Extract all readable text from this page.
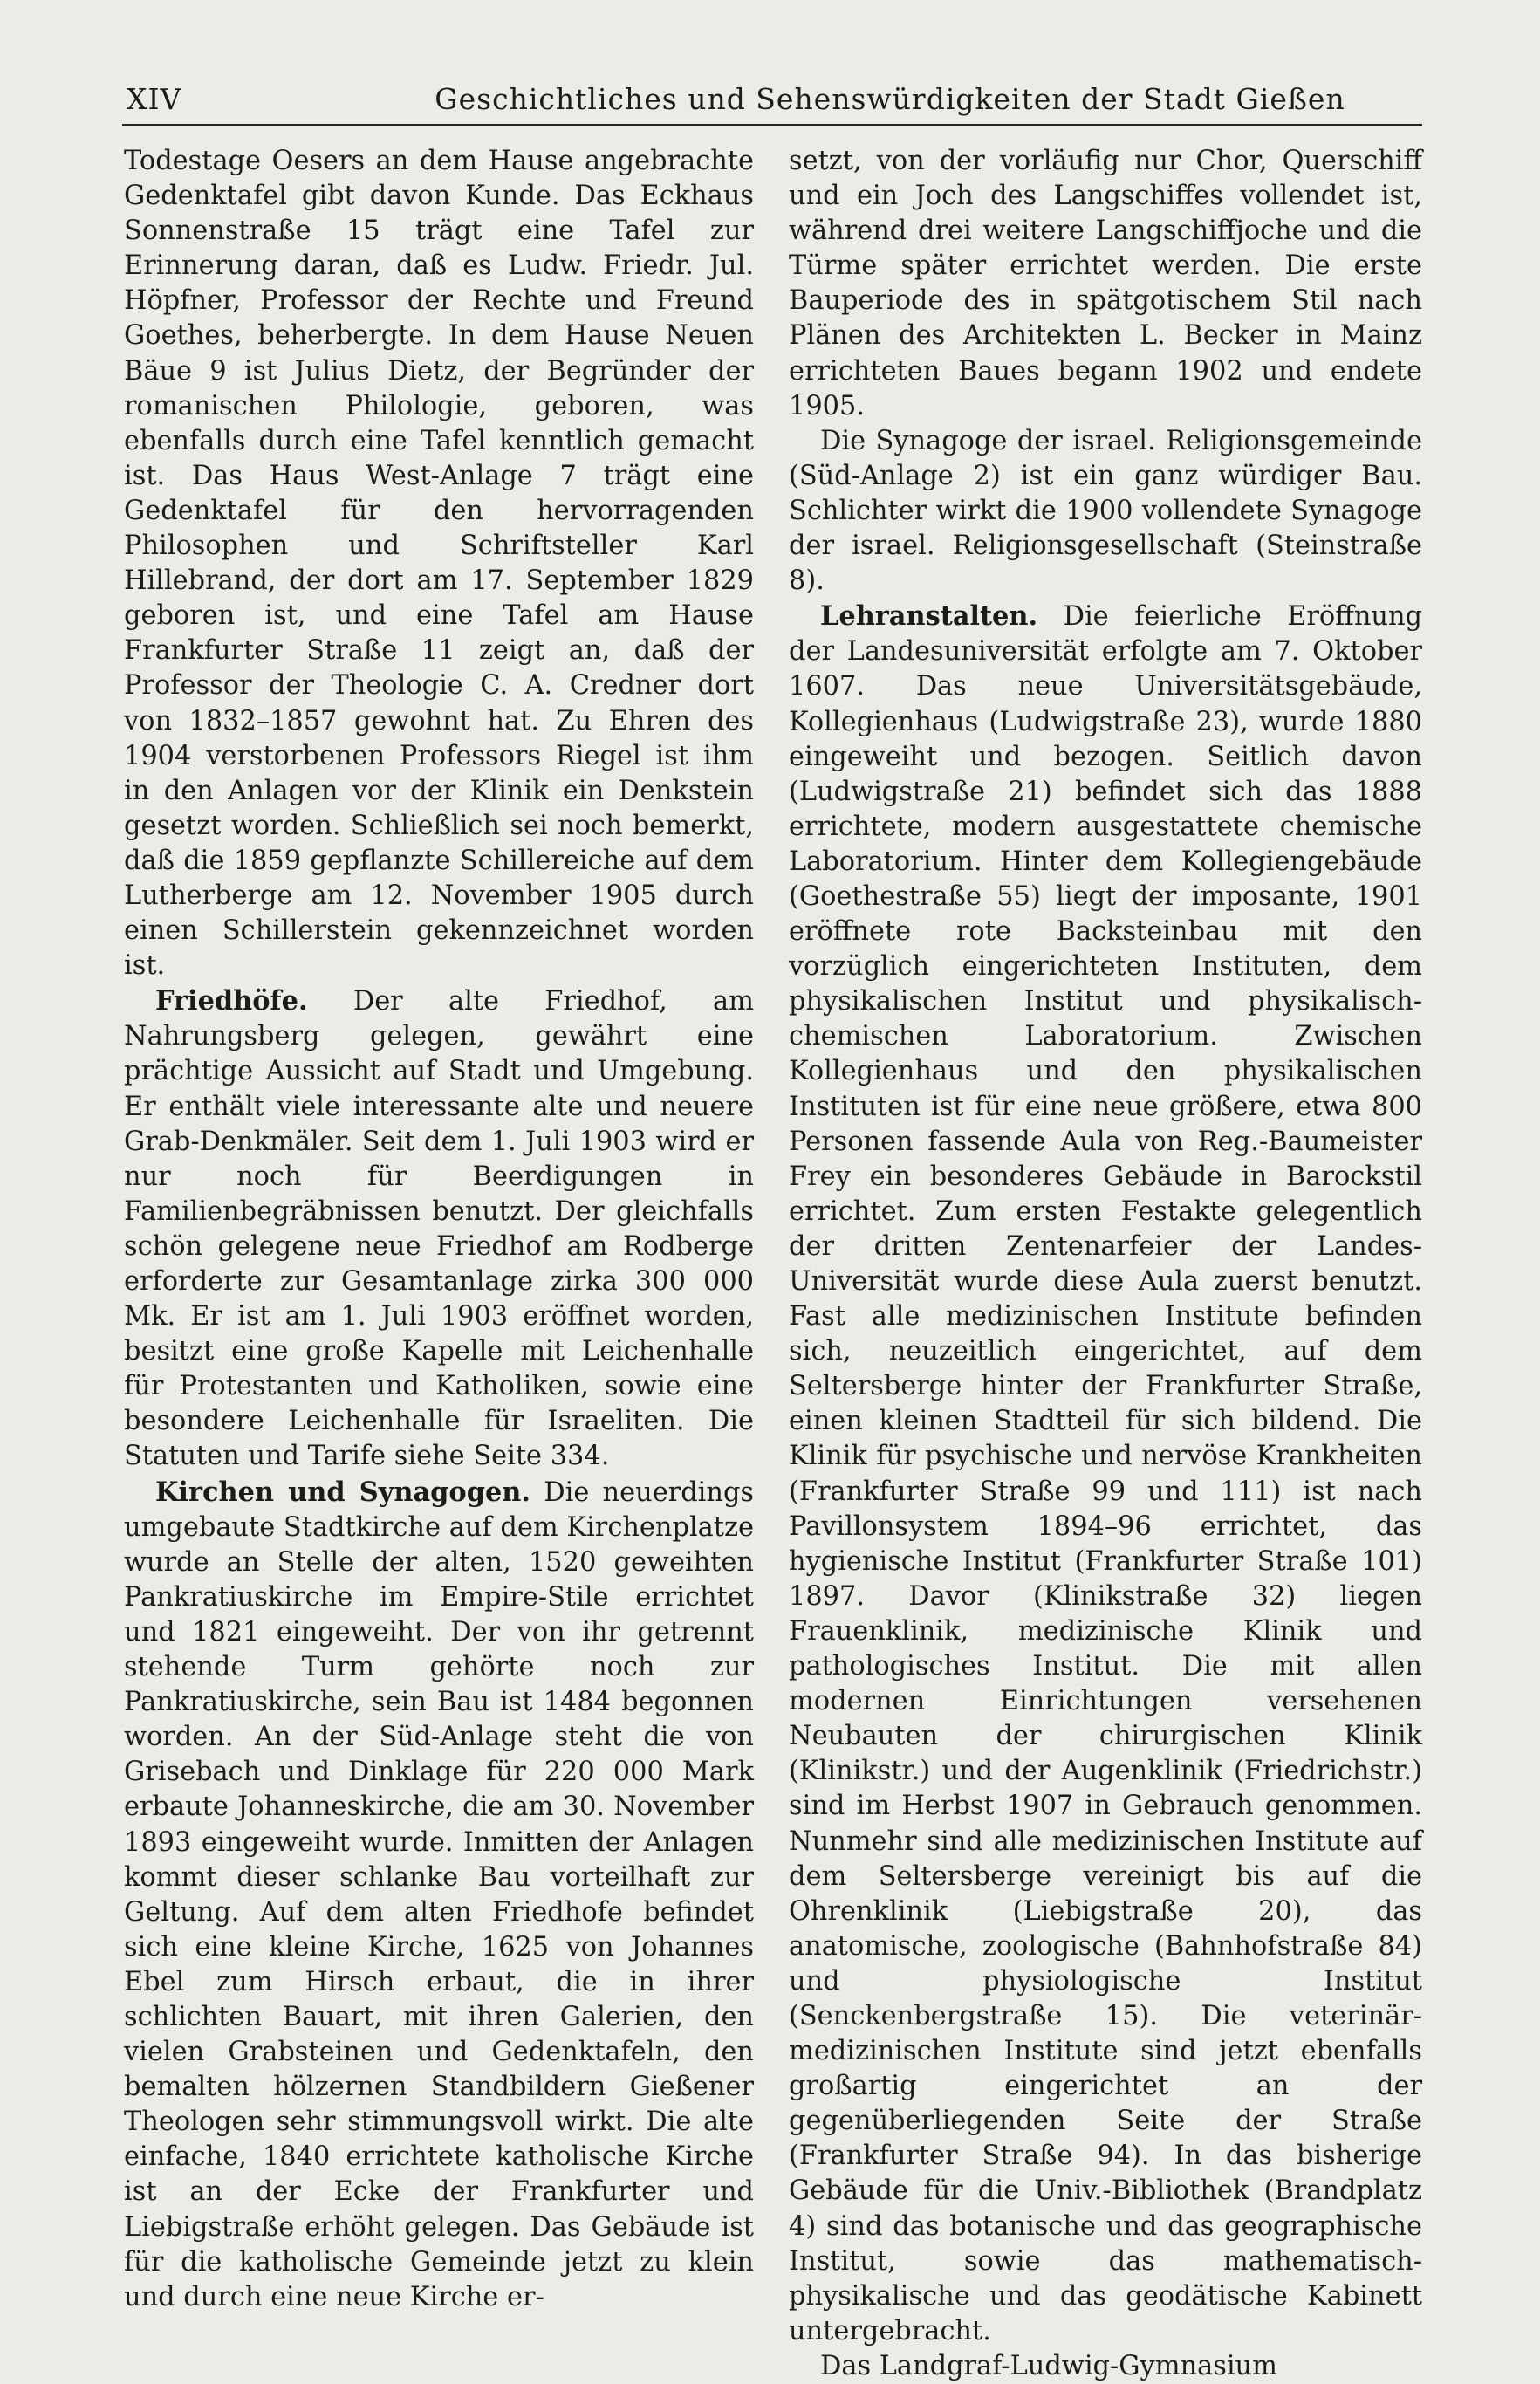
XIV	Geschichtliches und Sehenswürdigkeiten der Stadt Gießen

Todestage Oesers an dem Hause angebrachte Gedenktafel gibt davon Kunde. Das Eckhaus Sonnenstraße 15 trägt eine Tafel zur Erinnerung daran, daß es Ludw. Friedr. Jul. Höpfner, Professor der Rechte und Freund Goethes, beherbergte. In dem Hause Neuen Bäue 9 ist Julius Dietz, der Begründer der romanischen Philologie, geboren, was ebenfalls durch eine Tafel kenntlich gemacht ist. Das Haus West-Anlage 7 trägt eine Gedenktafel für den hervorragenden Philosophen und Schriftsteller Karl Hillebrand, der dort am 17. September 1829 geboren ist, und eine Tafel am Hause Frankfurter Straße 11 zeigt an, daß der Professor der Theologie C. A. Credner dort von 1832–1857 gewohnt hat. Zu Ehren des 1904 verstorbenen Professors Riegel ist ihm in den Anlagen vor der Klinik ein Denkstein gesetzt worden. Schließlich sei noch bemerkt, daß die 1859 gepflanzte Schillereiche auf dem Lutherberge am 12. November 1905 durch einen Schillerstein gekennzeichnet worden ist.

Friedhöfe. Der alte Friedhof, am Nahrungsberg gelegen, gewährt eine prächtige Aussicht auf Stadt und Umgebung. Er enthält viele interessante alte und neuere Grab-Denkmäler. Seit dem 1. Juli 1903 wird er nur noch für Beerdigungen in Familienbegräbnissen benutzt. Der gleichfalls schön gelegene neue Friedhof am Rodberge erforderte zur Gesamtanlage zirka 300 000 Mk. Er ist am 1. Juli 1903 eröffnet worden, besitzt eine große Kapelle mit Leichenhalle für Protestanten und Katholiken, sowie eine besondere Leichenhalle für Israeliten. Die Statuten und Tarife siehe Seite 334.

Kirchen und Synagogen. Die neuerdings umgebaute Stadtkirche auf dem Kirchenplatze wurde an Stelle der alten, 1520 geweihten Pankratiuskirche im Empire-Stile errichtet und 1821 eingeweiht. Der von ihr getrennt stehende Turm gehörte noch zur Pankratiuskirche, sein Bau ist 1484 begonnen worden. An der Süd-Anlage steht die von Grisebach und Dinklage für 220 000 Mark erbaute Johanneskirche, die am 30. November 1893 eingeweiht wurde. Inmitten der Anlagen kommt dieser schlanke Bau vorteilhaft zur Geltung. Auf dem alten Friedhofe befindet sich eine kleine Kirche, 1625 von Johannes Ebel zum Hirsch erbaut, die in ihrer schlichten Bauart, mit ihren Galerien, den vielen Grabsteinen und Gedenktafeln, den bemalten hölzernen Standbildern Gießener Theologen sehr stimmungsvoll wirkt. Die alte einfache, 1840 errichtete katholische Kirche ist an der Ecke der Frankfurter und Liebigstraße erhöht gelegen. Das Gebäude ist für die katholische Gemeinde jetzt zu klein und durch eine neue Kirche er-

setzt, von der vorläufig nur Chor, Querschiff und ein Joch des Langschiffes vollendet ist, während drei weitere Langschiffjoche und die Türme später errichtet werden. Die erste Bauperiode des in spätgotischem Stil nach Plänen des Architekten L. Becker in Mainz errichteten Baues begann 1902 und endete 1905.

Die Synagoge der israel. Religionsgemeinde (Süd-Anlage 2) ist ein ganz würdiger Bau. Schlichter wirkt die 1900 vollendete Synagoge der israel. Religionsgesellschaft (Steinstraße 8).

Lehranstalten. Die feierliche Eröffnung der Landesuniversität erfolgte am 7. Oktober 1607. Das neue Universitätsgebäude, Kollegienhaus (Ludwigstraße 23), wurde 1880 eingeweiht und bezogen. Seitlich davon (Ludwigstraße 21) befindet sich das 1888 errichtete, modern ausgestattete chemische Laboratorium. Hinter dem Kollegiengebäude (Goethestraße 55) liegt der imposante, 1901 eröffnete rote Backsteinbau mit den vorzüglich eingerichteten Instituten, dem physikalischen Institut und physikalisch-chemischen Laboratorium. Zwischen Kollegienhaus und den physikalischen Instituten ist für eine neue größere, etwa 800 Personen fassende Aula von Reg.-Baumeister Frey ein besonderes Gebäude in Barockstil errichtet. Zum ersten Festakte gelegentlich der dritten Zentenarfeier der Landes-Universität wurde diese Aula zuerst benutzt. Fast alle medizinischen Institute befinden sich, neuzeitlich eingerichtet, auf dem Seltersberge hinter der Frankfurter Straße, einen kleinen Stadtteil für sich bildend. Die Klinik für psychische und nervöse Krankheiten (Frankfurter Straße 99 und 111) ist nach Pavillonsystem 1894–96 errichtet, das hygienische Institut (Frankfurter Straße 101) 1897. Davor (Klinikstraße 32) liegen Frauenklinik, medizinische Klinik und pathologisches Institut. Die mit allen modernen Einrichtungen versehenen Neubauten der chirurgischen Klinik (Klinikstr.) und der Augenklinik (Friedrichstr.) sind im Herbst 1907 in Gebrauch genommen. Nunmehr sind alle medizinischen Institute auf dem Seltersberge vereinigt bis auf die Ohrenklinik (Liebigstraße 20), das anatomische, zoologische (Bahnhofstraße 84) und physiologische Institut (Senckenbergstraße 15). Die veterinär-medizinischen Institute sind jetzt ebenfalls großartig eingerichtet an der gegenüberliegenden Seite der Straße (Frankfurter Straße 94). In das bisherige Gebäude für die Univ.-Bibliothek (Brandplatz 4) sind das botanische und das geographische Institut, sowie das mathematisch-physikalische und das geodätische Kabinett untergebracht.

Das Landgraf-Ludwig-Gymnasium
